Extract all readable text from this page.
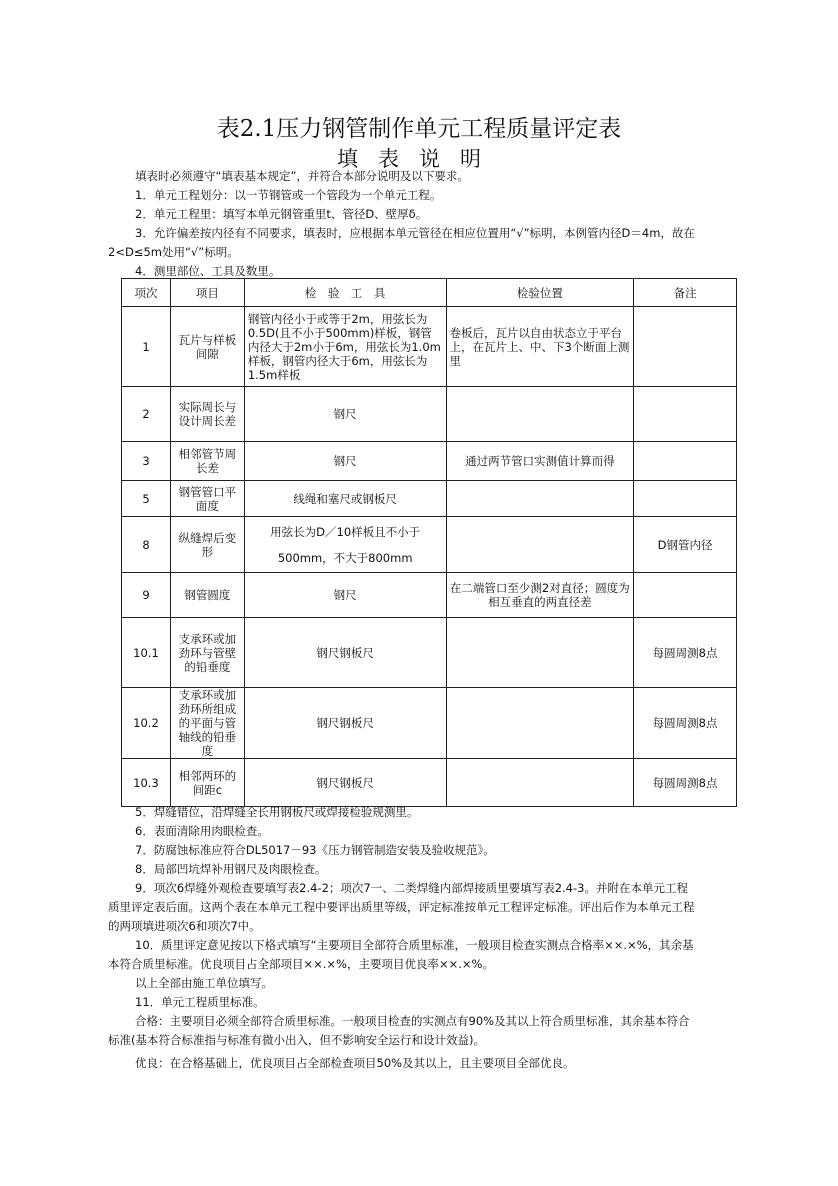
表2.1压力钢管制作单元工程质量评定表
填表说明
填表时必须遵守“填表基本规定”，并符合本部分说明及以下要求。
1．单元工程划分：以一节钢管或一个管段为一个单元工程。
2．单元工程里：填写本单元钢管重里t、管径D、壁厚δ。
3．允许偏差按内径有不同要求，填表时，应根据本单元管径在相应位置用“√”标明，本例管内径D＝4m，故在2<D≤5m处用“√”标明。
4．测里部位、工具及数里。
项次	项目	检　验　工　具	检验位置	备注
1	瓦片与样板间隙	钢管内径小于或等于2m，用弦长为0.5D(且不小于500mm)样板，钢管内径大于2m小于6m，用弦长为1.0m样板，钢管内径大于6m，用弦长为1.5m样板	卷板后，瓦片以自由状态立于平台上，在瓦片上、中、下3个断面上测里	
2	实际周长与设计周长差	钢尺		
3	相邻管节周长差	钢尺	通过两节管口实测值计算而得	
5	钢管管口平面度	线绳和塞尺或钢板尺		
8	纵缝焊后变形	用弦长为D／10样板且不小于500mm，不大于800mm		D钢管内径
9	钢管圆度	钢尺	在二端管口至少测2对直径；圆度为相互垂直的两直径差	
10.1	支承环或加劲环与管壁的铅垂度	钢尺钢板尺		每圆周测8点
10.2	支承环或加劲环所组成的平面与管轴线的铅垂度	钢尺钢板尺		每圆周测8点
10.3	相邻两环的间距c	钢尺钢板尺		每圆周测8点
5．焊缝错位，沿焊缝全长用钢板尺或焊接检验规测里。
6．表面清除用肉眼检查。
7．防腐蚀标准应符合DL5017－93《压力钢管制造安装及验收规范》。
8．局部凹坑焊补用钢尺及肉眼检查。
9．项次6焊缝外观检查要填写表2.4-2；项次7一、二类焊缝内部焊接质里要填写表2.4-3。并附在本单元工程质里评定表后面。这两个表在本单元工程中要评出质里等级，评定标准按单元工程评定标准。评出后作为本单元工程的两项填进项次6和项次7中。
10．质里评定意见按以下格式填写“主要项目全部符合质里标准，一般项目检查实测点合格率××.×%，其余基本符合质里标准。优良项目占全部项目××.×%，主要项目优良率××.×%。
以上全部由施工单位填写。
11．单元工程质里标准。
合格：主要项目必须全部符合质里标准。一般项目检查的实测点有90%及其以上符合质里标准，其余基本符合标准(基本符合标准指与标准有微小出入，但不影响安全运行和设计效益)。
优良：在合格基础上，优良项目占全部检查项目50%及其以上，且主要项目全部优良。
